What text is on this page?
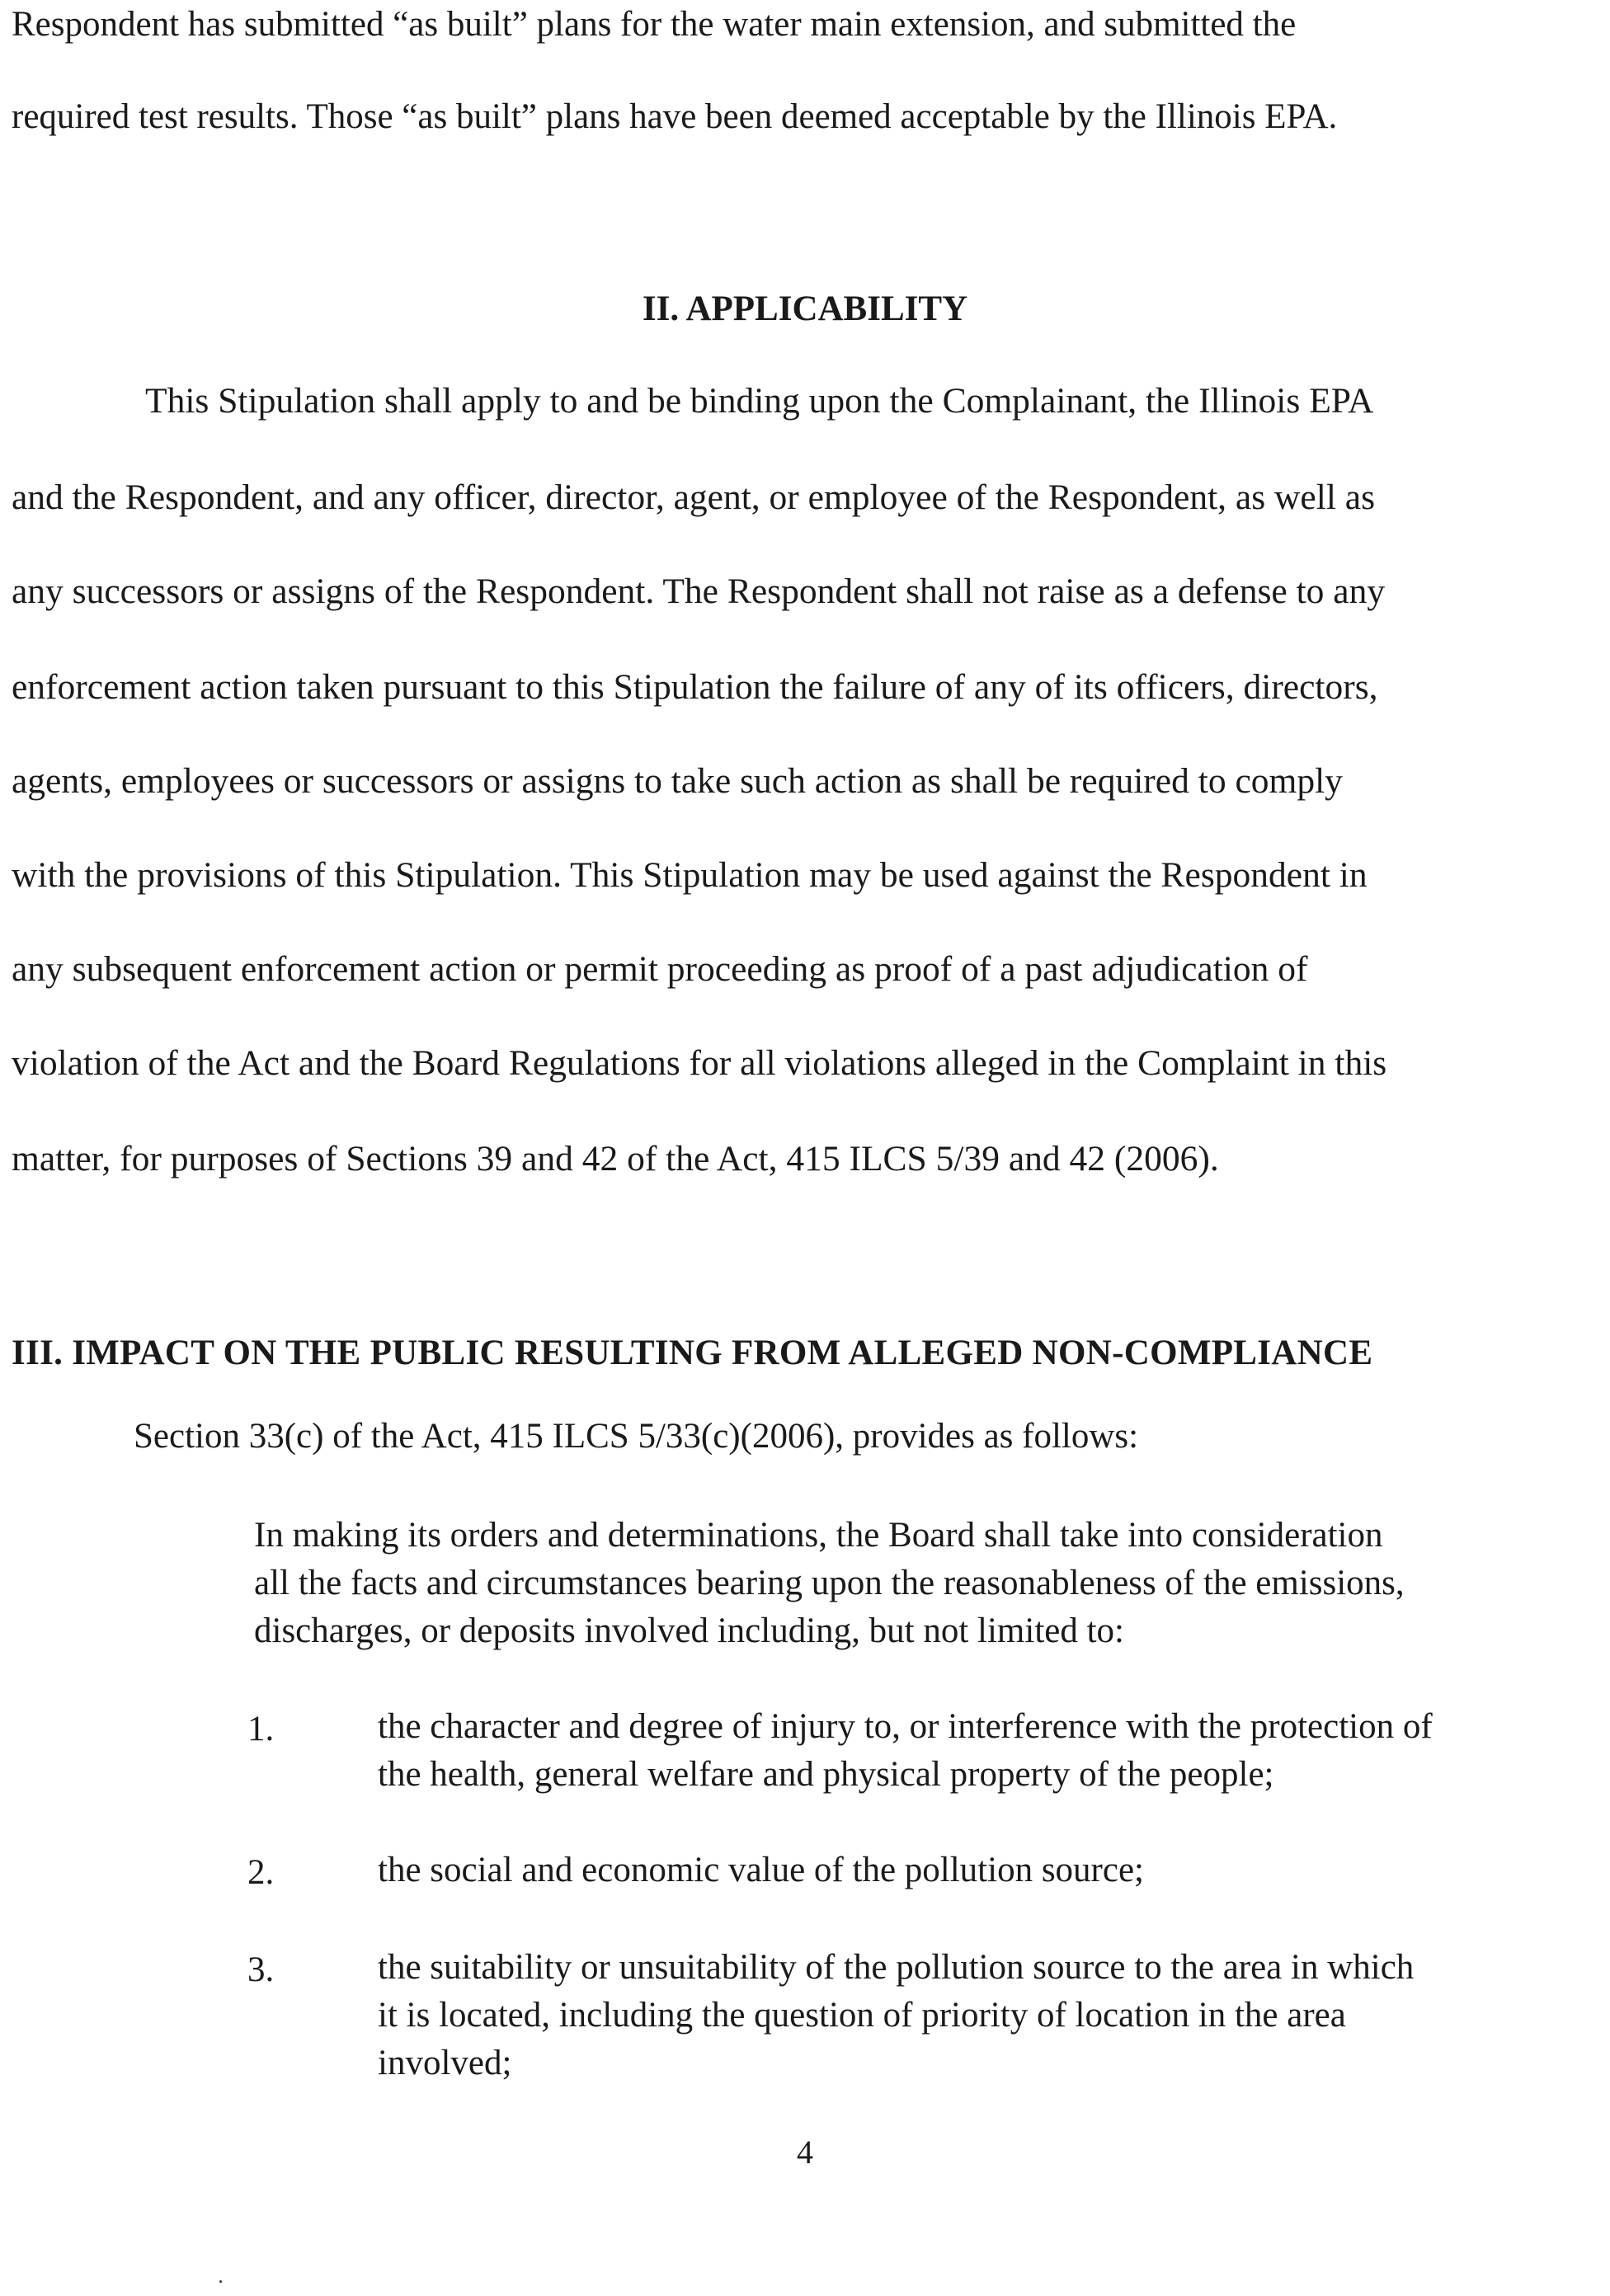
Respondent has submitted “as built” plans for the water main extension, and submitted the
required test results. Those “as built” plans have been deemed acceptable by the Illinois EPA.
II. APPLICABILITY
This Stipulation shall apply to and be binding upon the Complainant, the Illinois EPA
and the Respondent, and any officer, director, agent, or employee of the Respondent, as well as
any successors or assigns of the Respondent. The Respondent shall not raise as a defense to any
enforcement action taken pursuant to this Stipulation the failure of any of its officers, directors,
agents, employees or successors or assigns to take such action as shall be required to comply
with the provisions of this Stipulation. This Stipulation may be used against the Respondent in
any subsequent enforcement action or permit proceeding as proof of a past adjudication of
violation of the Act and the Board Regulations for all violations alleged in the Complaint in this
matter, for purposes of Sections 39 and 42 of the Act, 415 ILCS 5/39 and 42 (2006).
III. IMPACT ON THE PUBLIC RESULTING FROM ALLEGED NON-COMPLIANCE
Section 33(c) of the Act, 415 ILCS 5/33(c)(2006), provides as follows:
In making its orders and determinations, the Board shall take into consideration
all the facts and circumstances bearing upon the reasonableness of the emissions,
discharges, or deposits involved including, but not limited to:
1.	the character and degree of injury to, or interference with the protection of
the health, general welfare and physical property of the people;
2.	the social and economic value of the pollution source;
3.	the suitability or unsuitability of the pollution source to the area in which
it is located, including the question of priority of location in the area
involved;
4
